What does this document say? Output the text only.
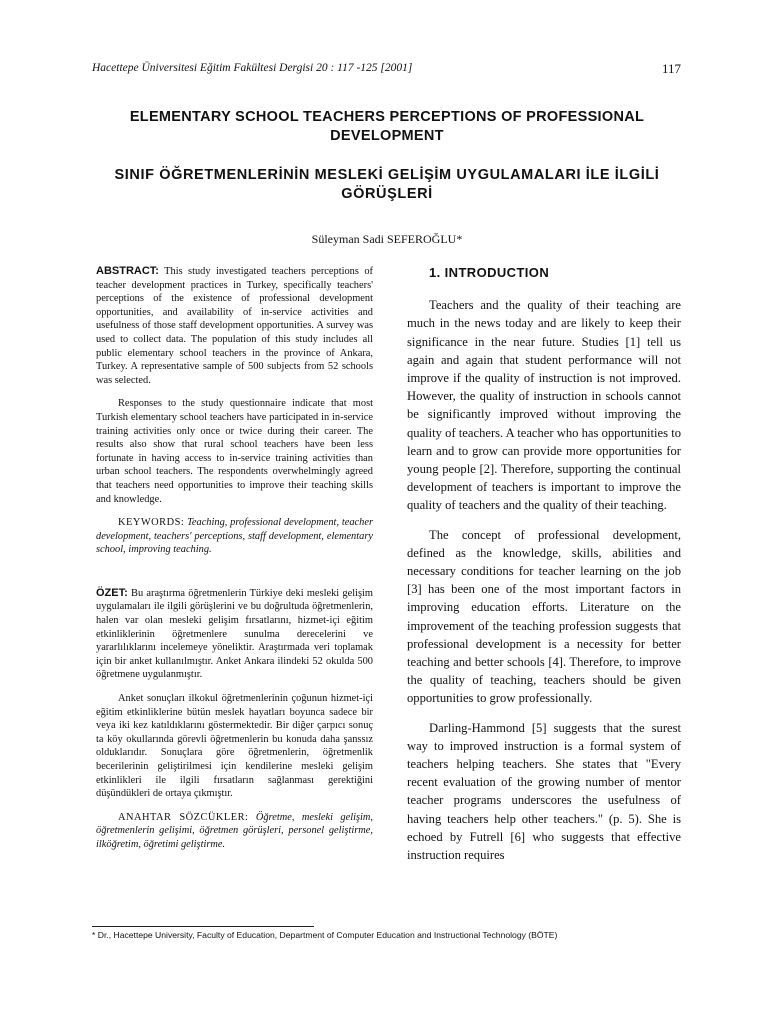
Hacettepe Üniversitesi Eğitim Fakültesi Dergisi 20 : 117 -125 [2001]	117
ELEMENTARY SCHOOL TEACHERS PERCEPTIONS OF PROFESSIONAL DEVELOPMENT
SINIF ÖĞRETMENLERİNİN MESLEKİ GELİŞİM UYGULAMALARI İLE İLGİLİ GÖRÜŞLERİ
Süleyman Sadi SEFEROĞLU*

ABSTRACT: This study investigated teachers perceptions of teacher development practices in Turkey, specifically teachers' perceptions of the existence of professional development opportunities, and availability of in-service activities and usefulness of those staff development opportunities. A survey was used to collect data. The population of this study includes all public elementary school teachers in the province of Ankara, Turkey. A representative sample of 500 subjects from 52 schools was selected.

Responses to the study questionnaire indicate that most Turkish elementary school teachers have participated in in-service training activities only once or twice during their career. The results also show that rural school teachers have been less fortunate in having access to in-service training activities than urban school teachers. The respondents overwhelmingly agreed that teachers need opportunities to improve their teaching skills and knowledge.

KEYWORDS: Teaching, professional development, teacher development, teachers' perceptions, staff development, elementary school, improving teaching.

ÖZET: Bu araştırma öğretmenlerin Türkiye deki mesleki gelişim uygulamaları ile ilgili görüşlerini ve bu doğrultuda öğretmenlerin, halen var olan mesleki gelişim fırsatlarını, hizmet-içi eğitim etkinliklerinin öğretmenlere sunulma derecelerini ve yararlılıklarını incelemeye yöneliktir. Araştırmada veri toplamak için bir anket kullanılmıştır. Anket Ankara ilindeki 52 okulda 500 öğretmene uygulanmıştır.

Anket sonuçları ilkokul öğretmenlerinin çoğunun hizmet-içi eğitim etkinliklerine bütün meslek hayatları boyunca sadece bir veya iki kez katıldıklarını göstermektedir. Bir diğer çarpıcı sonuç ta köy okullarında görevli öğretmenlerin bu konuda daha şanssız olduklarıdır. Sonuçlara göre öğretmenlerin, öğretmenlik becerilerinin geliştirilmesi için kendilerine mesleki gelişim etkinlikleri ile ilgili fırsatların sağlanması gerektiğini düşündükleri de ortaya çıkmıştır.

ANAHTAR SÖZCÜKLER: Öğretme, mesleki gelişim, öğretmenlerin gelişimi, öğretmen görüşleri, personel geliştirme, ilköğretim, öğretimi geliştirme.

1. INTRODUCTION

Teachers and the quality of their teaching are much in the news today and are likely to keep their significance in the near future. Studies [1] tell us again and again that student performance will not improve if the quality of instruction is not improved. However, the quality of instruction in schools cannot be significantly improved without improving the quality of teachers. A teacher who has opportunities to learn and to grow can provide more opportunities for young people [2]. Therefore, supporting the continual development of teachers is important to improve the quality of teachers and the quality of their teaching.

The concept of professional development, defined as the knowledge, skills, abilities and necessary conditions for teacher learning on the job [3] has been one of the most important factors in improving education efforts. Literature on the improvement of the teaching profession suggests that professional development is a necessity for better teaching and better schools [4]. Therefore, to improve the quality of teaching, teachers should be given opportunities to grow professionally.

Darling-Hammond [5] suggests that the surest way to improved instruction is a formal system of teachers helping teachers. She states that "Every recent evaluation of the growing number of mentor teacher programs underscores the usefulness of having teachers help other teachers." (p. 5). She is echoed by Futrell [6] who suggests that effective instruction requires

* Dr., Hacettepe University, Faculty of Education, Department of Computer Education and Instructional Technology (BÖTE)
